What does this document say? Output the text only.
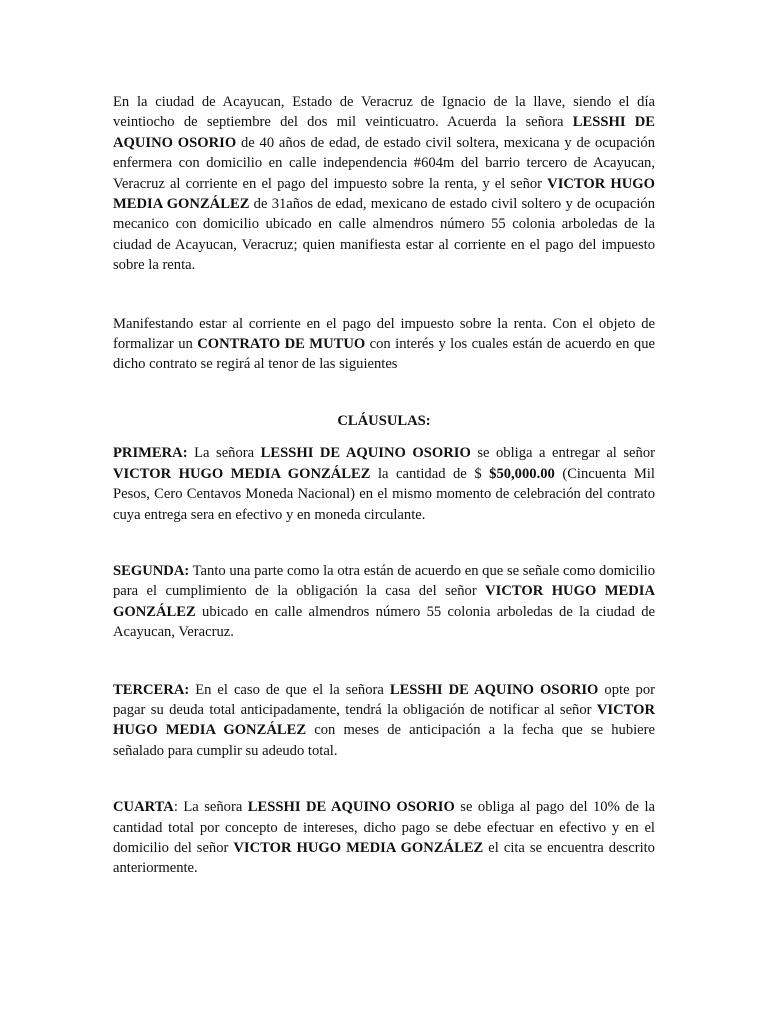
En la ciudad de Acayucan, Estado de Veracruz de Ignacio de la llave, siendo el día veintiocho de septiembre del dos mil veinticuatro. Acuerda la señora LESSHI DE AQUINO OSORIO de 40 años de edad, de estado civil soltera, mexicana y de ocupación enfermera con domicilio en calle independencia #604m del barrio tercero de Acayucan, Veracruz al corriente en el pago del impuesto sobre la renta, y el señor VICTOR HUGO MEDIA GONZÁLEZ de 31años de edad, mexicano de estado civil soltero y de ocupación mecanico con domicilio ubicado en calle almendros número 55 colonia arboledas de la ciudad de Acayucan, Veracruz; quien manifiesta estar al corriente en el pago del impuesto sobre la renta.

Manifestando estar al corriente en el pago del impuesto sobre la renta. Con el objeto de formalizar un CONTRATO DE MUTUO con interés y los cuales están de acuerdo en que dicho contrato se regirá al tenor de las siguientes

CLÁUSULAS:

PRIMERA: La señora LESSHI DE AQUINO OSORIO se obliga a entregar al señor VICTOR HUGO MEDIA GONZÁLEZ la cantidad de $ $50,000.00 (Cincuenta Mil Pesos, Cero Centavos Moneda Nacional) en el mismo momento de celebración del contrato cuya entrega sera en efectivo y en moneda circulante.

SEGUNDA: Tanto una parte como la otra están de acuerdo en que se señale como domicilio para el cumplimiento de la obligación la casa del señor VICTOR HUGO MEDIA GONZÁLEZ ubicado en calle almendros número 55 colonia arboledas de la ciudad de Acayucan, Veracruz.

TERCERA: En el caso de que el la señora LESSHI DE AQUINO OSORIO opte por pagar su deuda total anticipadamente, tendrá la obligación de notificar al señor VICTOR HUGO MEDIA GONZÁLEZ con meses de anticipación a la fecha que se hubiere señalado para cumplir su adeudo total.

CUARTA: La señora LESSHI DE AQUINO OSORIO se obliga al pago del 10% de la cantidad total por concepto de intereses, dicho pago se debe efectuar en efectivo y en el domicilio del señor VICTOR HUGO MEDIA GONZÁLEZ el cita se encuentra descrito anteriormente.
